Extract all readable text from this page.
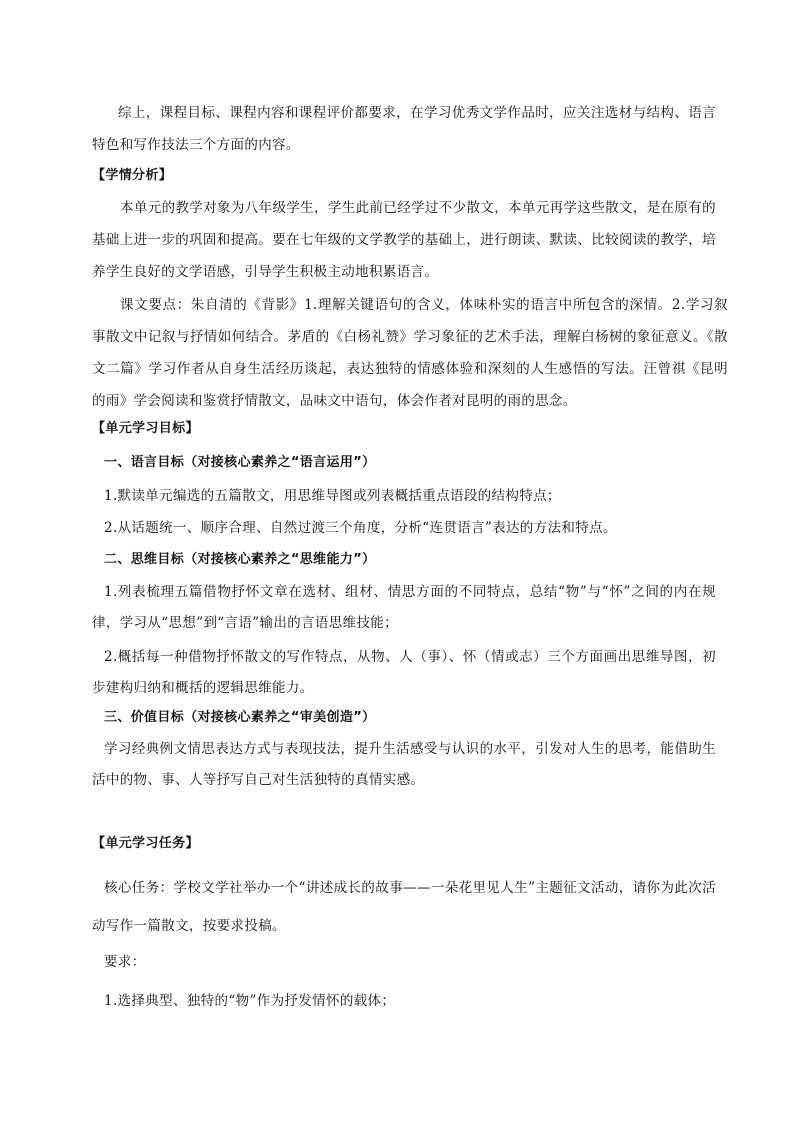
综上，课程目标、课程内容和课程评价都要求，在学习优秀文学作品时，应关注选材与结构、语言特色和写作技法三个方面的内容。
【学情分析】
本单元的教学对象为八年级学生，学生此前已经学过不少散文，本单元再学这些散文，是在原有的基础上进一步的巩固和提高。要在七年级的文学教学的基础上，进行朗读、默读、比较阅读的教学，培养学生良好的文学语感，引导学生积极主动地积累语言。
课文要点：朱自清的《背影》1.理解关键语句的含义，体味朴实的语言中所包含的深情。2.学习叙事散文中记叙与抒情如何结合。茅盾的《白杨礼赞》学习象征的艺术手法，理解白杨树的象征意义。《散文二篇》学习作者从自身生活经历谈起，表达独特的情感体验和深刻的人生感悟的写法。汪曾祺《昆明的雨》学会阅读和鉴赏抒情散文，品味文中语句，体会作者对昆明的雨的思念。
【单元学习目标】
一、语言目标（对接核心素养之“语言运用”）
1.默读单元编选的五篇散文，用思维导图或列表概括重点语段的结构特点；
2.从话题统一、顺序合理、自然过渡三个角度，分析“连贯语言”表达的方法和特点。
二、思维目标（对接核心素养之“思维能力”）
1.列表梳理五篇借物抒怀文章在选材、组材、情思方面的不同特点，总结“物”与“怀”之间的内在规律，学习从“思想”到“言语”输出的言语思维技能；
2.概括每一种借物抒怀散文的写作特点，从物、人（事）、怀（情或志）三个方面画出思维导图，初步建构归纳和概括的逻辑思维能力。
三、价值目标（对接核心素养之“审美创造”）
学习经典例文情思表达方式与表现技法，提升生活感受与认识的水平，引发对人生的思考，能借助生活中的物、事、人等抒写自己对生活独特的真情实感。
【单元学习任务】
核心任务：学校文学社举办一个“讲述成长的故事——一朵花里见人生”主题征文活动，请你为此次活动写作一篇散文，按要求投稿。
要求：
1.选择典型、独特的“物”作为抒发情怀的载体；
